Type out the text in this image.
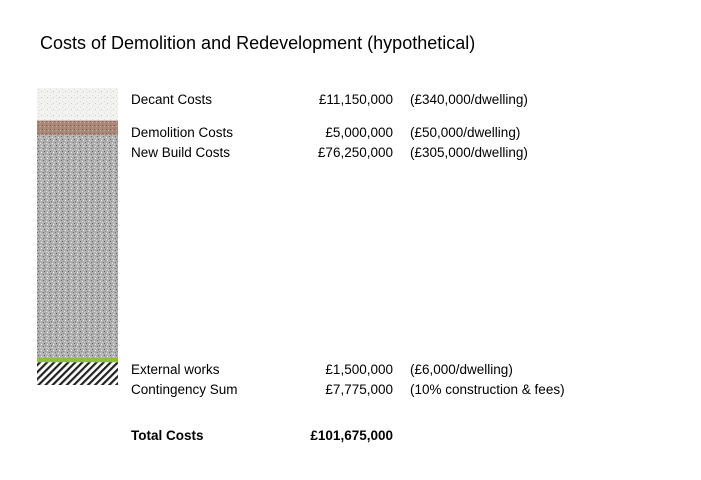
Costs of Demolition and Redevelopment (hypothetical)
Decant Costs	£11,150,000 (£340,000/dwelling)
Demolition Costs	£5,000,000 (£50,000/dwelling)
New Build Costs	£76,250,000 (£305,000/dwelling)
External works	£1,500,000 (£6,000/dwelling)
Contingency Sum	£7,775,000 (10% construction & fees)
Total Costs	£101,675,000
